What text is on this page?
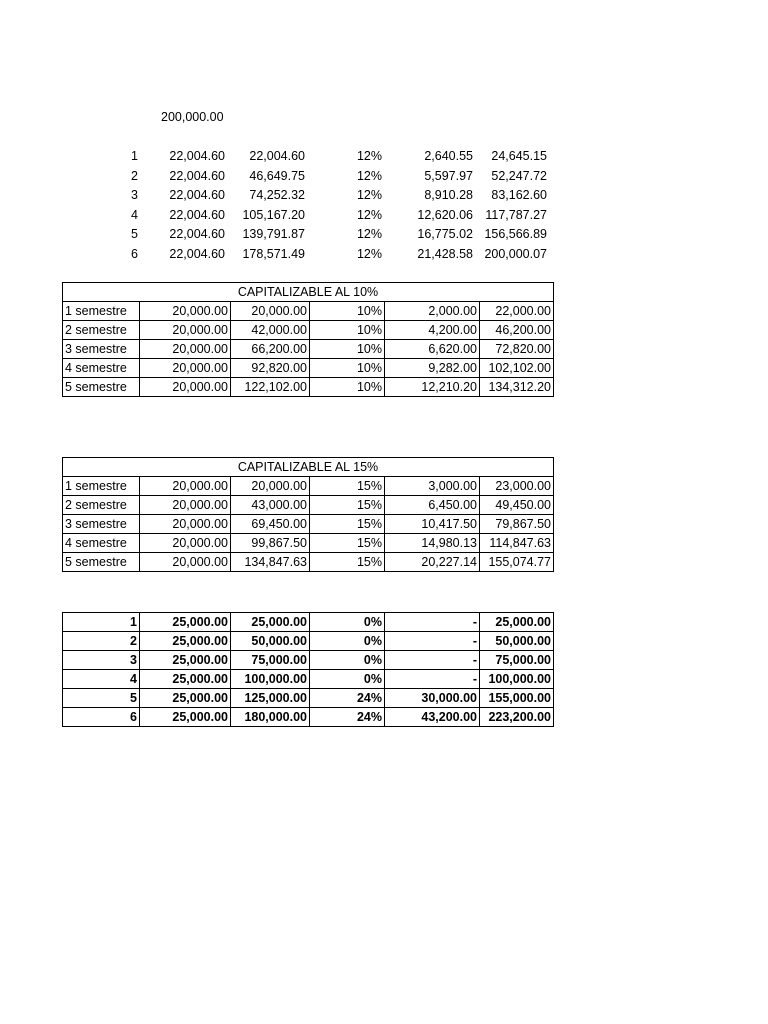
200,000.00
1	22,004.60	22,004.60	12%	2,640.55	24,645.15
2	22,004.60	46,649.75	12%	5,597.97	52,247.72
3	22,004.60	74,252.32	12%	8,910.28	83,162.60
4	22,004.60 105,167.20	12%	12,620.06 117,787.27
5	22,004.60 139,791.87	12%	16,775.02 156,566.89
6	22,004.60 178,571.49	12%	21,428.58 200,000.07
CAPITALIZABLE AL 10%					
1 semestre	20,000.00	20,000.00	10%	2,000.00	22,000.00
2 semestre	20,000.00	42,000.00	10%	4,200.00	46,200.00
3 semestre	20,000.00	66,200.00	10%	6,620.00	72,820.00
4 semestre	20,000.00	92,820.00	10%	9,282.00	102,102.00
5 semestre	20,000.00	122,102.00	10%	12,210.20	134,312.20
CAPITALIZABLE AL 15%					
1 semestre	20,000.00	20,000.00	15%	3,000.00	23,000.00
2 semestre	20,000.00	43,000.00	15%	6,450.00	49,450.00
3 semestre	20,000.00	69,450.00	15%	10,417.50	79,867.50
4 semestre	20,000.00	99,867.50	15%	14,980.13	114,847.63
5 semestre	20,000.00	134,847.63	15%	20,227.14	155,074.77
1	25,000.00	25,000.00	0%	-	25,000.00
2	25,000.00	50,000.00	0%	-	50,000.00
3	25,000.00	75,000.00	0%	-	75,000.00
4	25,000.00	100,000.00	0%	-	100,000.00
5	25,000.00	125,000.00	24%	30,000.00	155,000.00
6	25,000.00	180,000.00	24%	43,200.00	223,200.00
